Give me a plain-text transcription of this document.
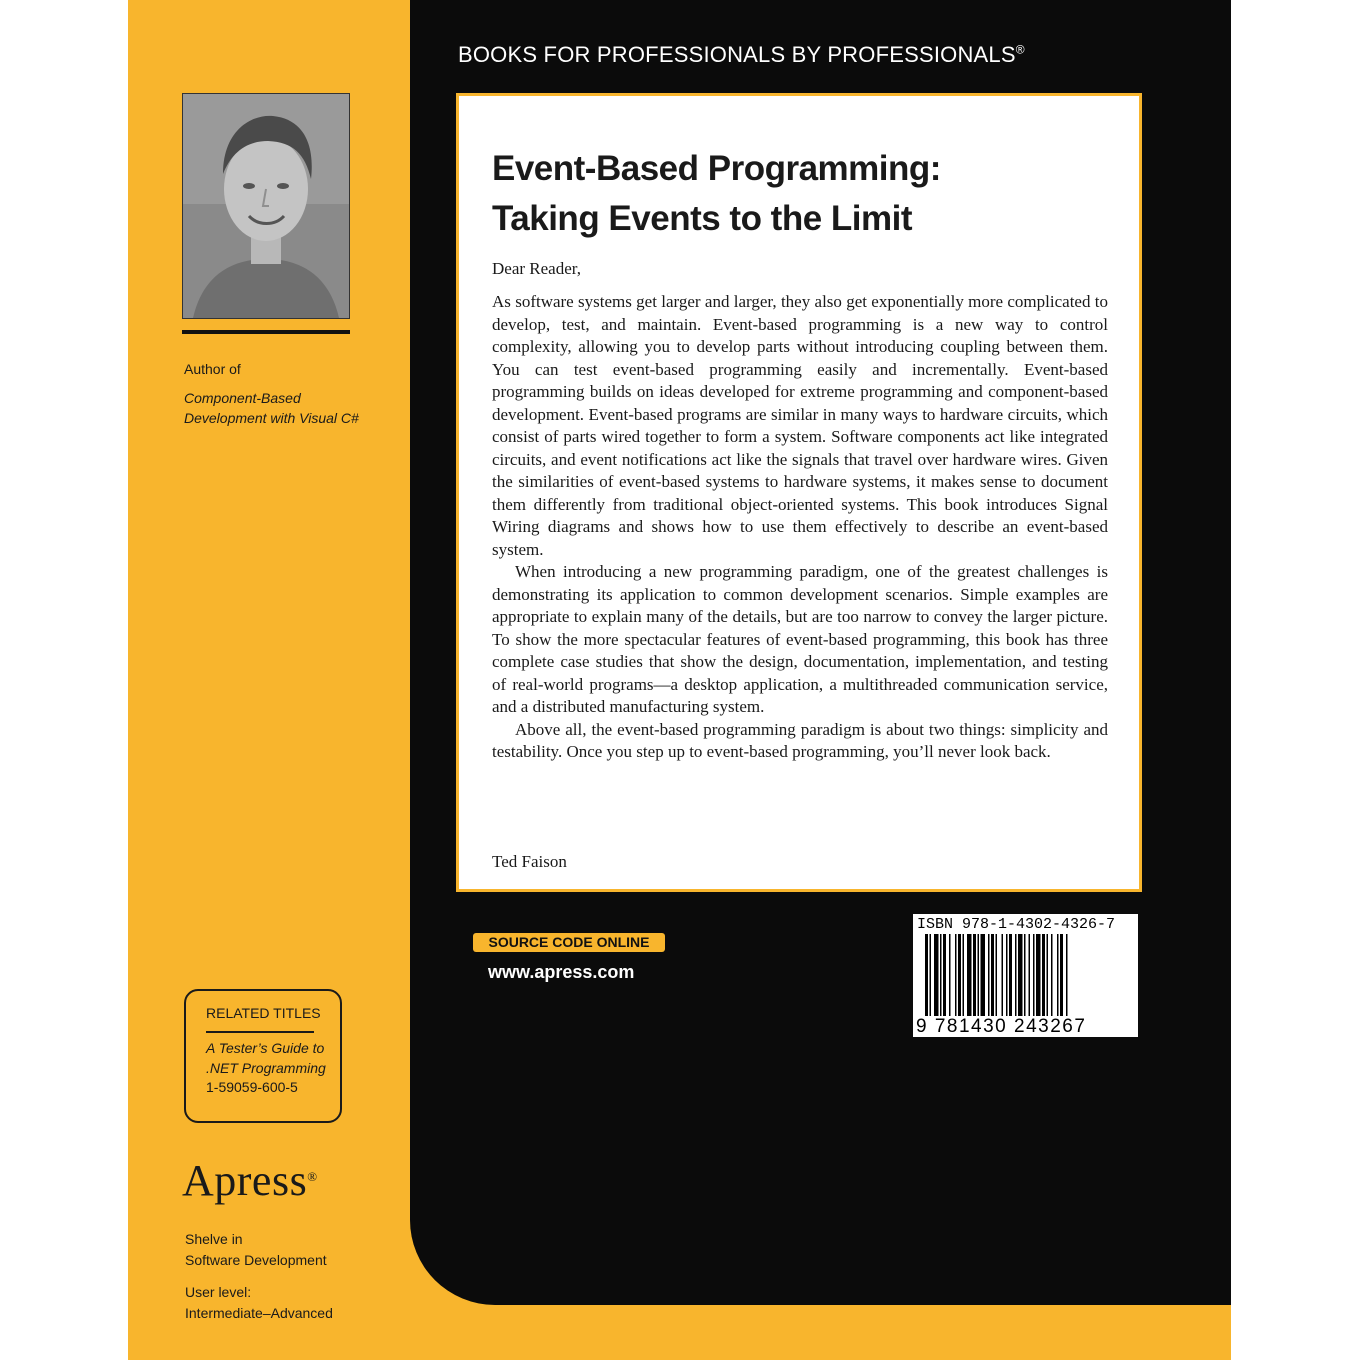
BOOKS FOR PROFESSIONALS BY PROFESSIONALS®
Author of
Component-Based Development with Visual C#
Event-Based Programming:
Taking Events to the Limit
Dear Reader,

As software systems get larger and larger, they also get exponentially more complicated to develop, test, and maintain. Event-based programming is a new way to control complexity, allowing you to develop parts without introducing coupling between them. You can test event-based programming easily and incrementally. Event-based programming builds on ideas developed for extreme programming and component-based development. Event-based programs are similar in many ways to hardware circuits, which consist of parts wired together to form a system. Software components act like integrated circuits, and event notifications act like the signals that travel over hardware wires. Given the similarities of event-based systems to hardware systems, it makes sense to document them differently from traditional object-oriented systems. This book introduces Signal Wiring diagrams and shows how to use them effectively to describe an event-based system.

When introducing a new programming paradigm, one of the greatest challenges is demonstrating its application to common development scenarios. Simple examples are appropriate to explain many of the details, but are too narrow to convey the larger picture. To show the more spectacular features of event-based programming, this book has three complete case studies that show the design, documentation, implementation, and testing of real-world programs—a desktop application, a multithreaded communication service, and a distributed manufacturing system.

Above all, the event-based programming paradigm is about two things: simplicity and testability. Once you step up to event-based programming, you’ll never look back.

Ted Faison
SOURCE CODE ONLINE
www.apress.com
ISBN 978-1-4302-4326-7
9 781430 243267
RELATED TITLES
A Tester’s Guide to .NET Programming
1-59059-600-5
Apress®
Shelve in
Software Development
User level:
Intermediate–Advanced
